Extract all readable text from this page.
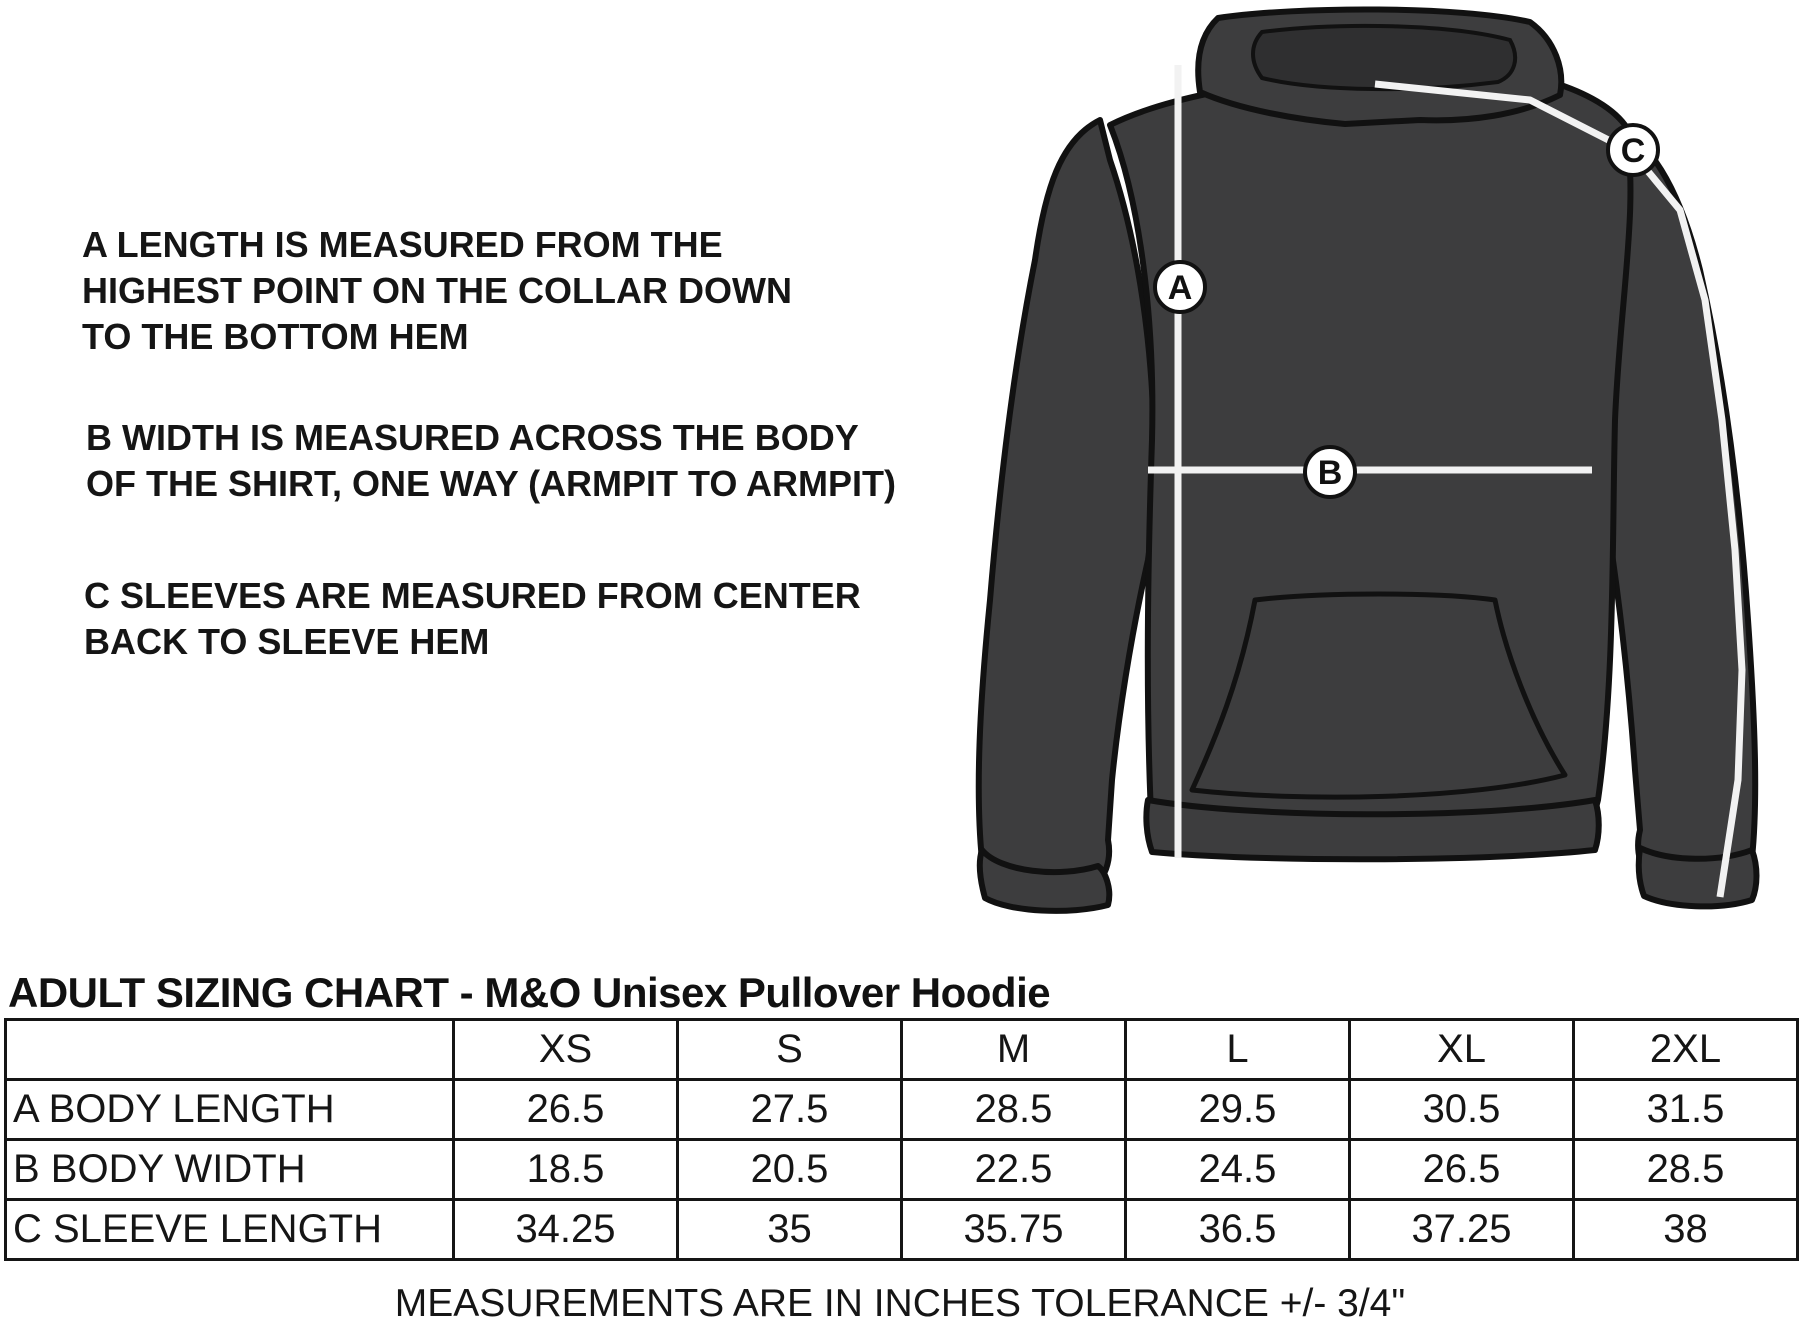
A LENGTH IS MEASURED FROM THE
HIGHEST POINT ON THE COLLAR DOWN
TO THE BOTTOM HEM
B WIDTH IS MEASURED ACROSS THE BODY
OF THE SHIRT, ONE WAY (ARMPIT TO ARMPIT)
C SLEEVES ARE MEASURED FROM CENTER
BACK TO SLEEVE HEM
A
B
C
ADULT SIZING CHART - M&O Unisex Pullover Hoodie
	XS	S	M	L	XL	2XL
A BODY LENGTH	26.5	27.5	28.5	29.5	30.5	31.5
B BODY WIDTH	18.5	20.5	22.5	24.5	26.5	28.5
C SLEEVE LENGTH	34.25	35	35.75	36.5	37.25	38
MEASUREMENTS ARE IN INCHES TOLERANCE +/- 3/4"
